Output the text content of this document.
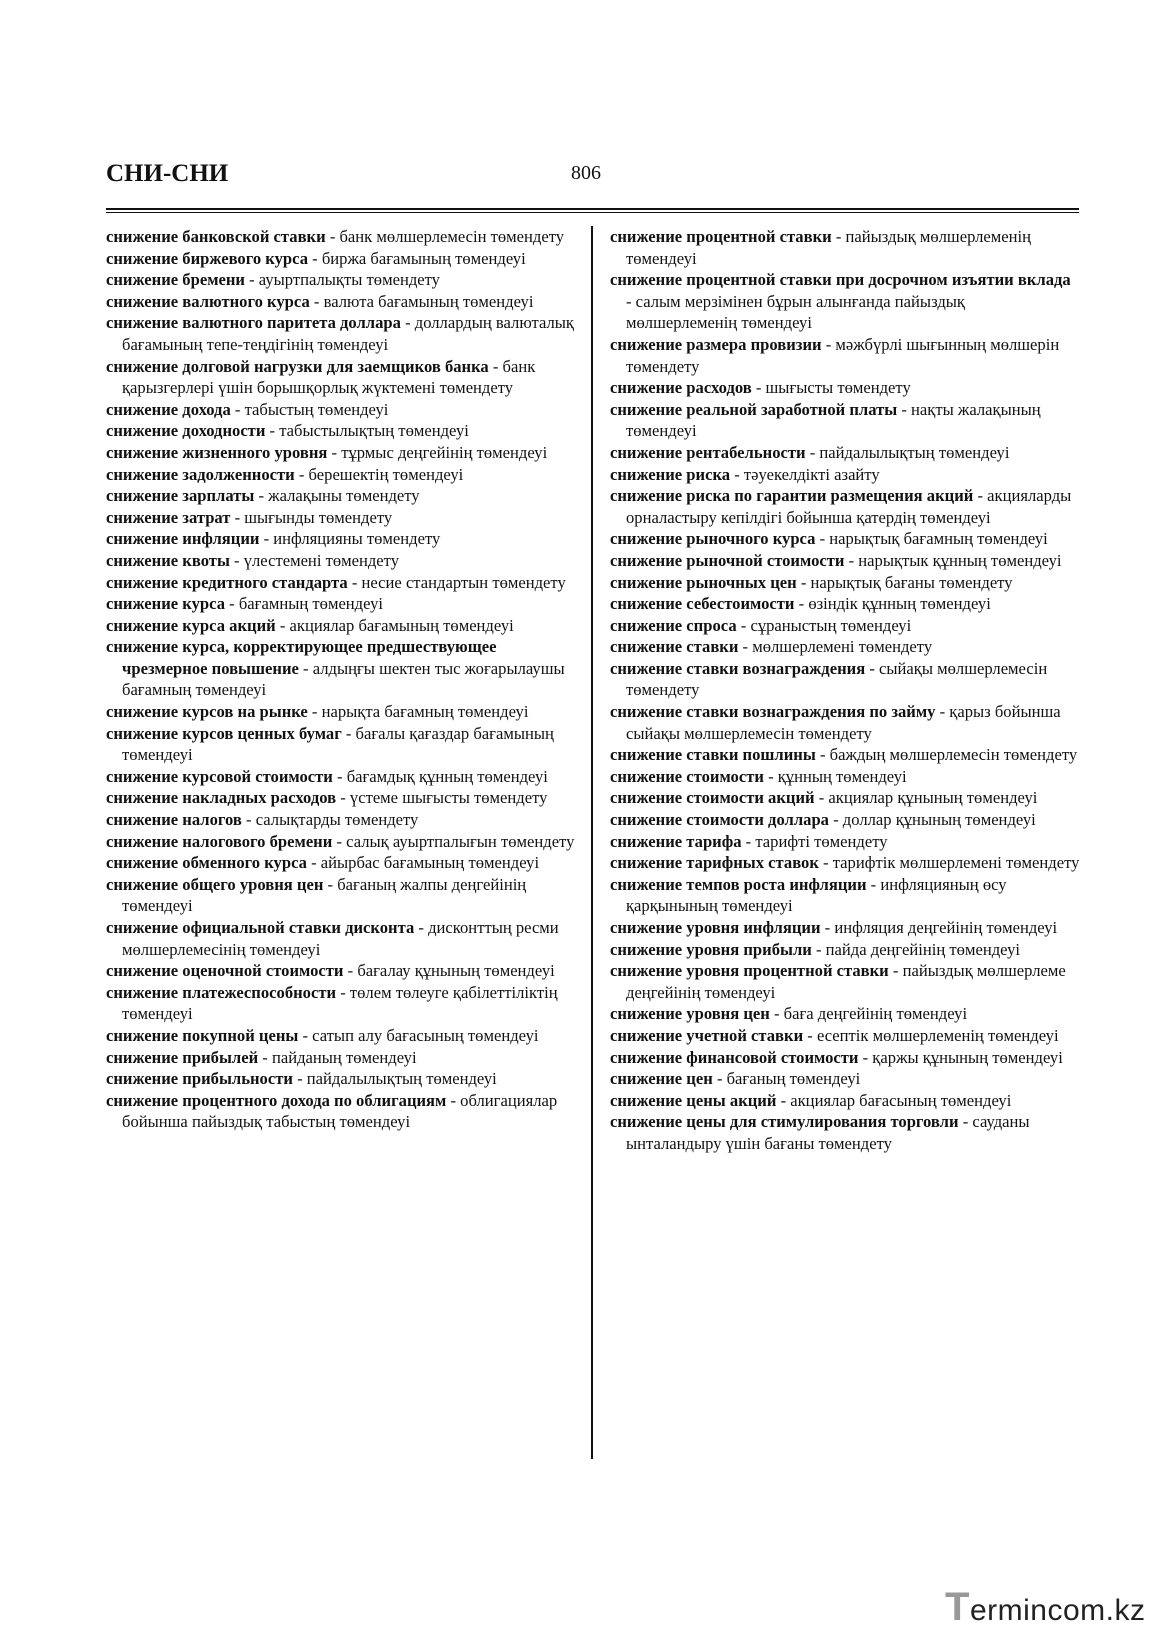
СНИ-СНИ	806

снижение банковской ставки - банк мөлшерлемесін төмендету

снижение биржевого курса - биржа бағамының төмендеуі

снижение бремени - ауыртпалықты төмендету

снижение валютного курса - валюта бағамының төмендеуі

снижение валютного паритета доллара - доллардың валюталық бағамының тепе-теңдігінің төмендеуі

снижение долговой нагрузки для заемщиков банка - банк қарызгерлері үшін борышқорлық жүктемені төмендету

снижение дохода - табыстың төмендеуі

снижение доходности - табыстылықтың төмендеуі

снижение жизненного уровня - тұрмыс деңгейінің төмендеуі

снижение задолженности - берешектің төмендеуі

снижение зарплаты - жалақыны төмендету

снижение затрат - шығынды төмендету

снижение инфляции - инфляцияны төмендету

снижение квоты - үлестемені төмендету

снижение кредитного стандарта - несие стандартын төмендету

снижение курса - бағамның төмендеуі

снижение курса акций - акциялар бағамының төмендеуі

снижение курса, корректирующее предшествующее чрезмерное повышение - алдыңғы шектен тыс жоғарылаушы бағамның төмендеуі

снижение курсов на рынке - нарықта бағамның төмендеуі

снижение курсов ценных бумаг - бағалы қағаздар бағамының төмендеуі

снижение курсовой стоимости - бағамдық құнның төмендеуі

снижение накладных расходов - үстеме шығысты төмендету

снижение налогов - салықтарды төмендету

снижение налогового бремени - салық ауыртпалығын төмендету

снижение обменного курса - айырбас бағамының төмендеуі

снижение общего уровня цен - бағаның жалпы деңгейінің төмендеуі

снижение официальной ставки дисконта - дисконттың ресми мөлшерлемесінің төмендеуі

снижение оценочной стоимости - бағалау құнының төмендеуі

снижение платежеспособности - төлем төлеуге қабілеттіліктің төмендеуі

снижение покупной цены - сатып алу бағасының төмендеуі

снижение прибылей - пайданың төмендеуі

снижение прибыльности - пайдалылықтың төмендеуі

снижение процентного дохода по облигациям - облигациялар бойынша пайыздық табыстың төмендеуі

снижение процентной ставки - пайыздық мөлшерлеменің төмендеуі

снижение процентной ставки при досрочном изъятии вклада - салым мерзімінен бұрын алынғанда пайыздық мөлшерлеменің төмендеуі

снижение размера провизии - мәжбүрлі шығынның мөлшерін төмендету

снижение расходов - шығысты төмендету

снижение реальной заработной платы - нақты жалақының төмендеуі

снижение рентабельности - пайдалылықтың төмендеуі

снижение риска - тәуекелдікті азайту

снижение риска по гарантии размещения акций - акцияларды орналастыру кепілдігі бойынша қатердің төмендеуі

снижение рыночного курса - нарықтық бағамның төмендеуі

снижение рыночной стоимости - нарықтык құнның төмендеуі

снижение рыночных цен - нарықтық бағаны төмендету

снижение себестоимости - өзіндік құнның төмендеуі

снижение спроса - сұраныстың төмендеуі

снижение ставки - мөлшерлемені төмендету

снижение ставки вознаграждения - сыйақы мөлшерлемесін төмендету

снижение ставки вознаграждения по займу - қарыз бойынша сыйақы мөлшерлемесін төмендету

снижение ставки пошлины - баждың мөлшерлемесін төмендету

снижение стоимости - құнның төмендеуі

снижение стоимости акций - акциялар құнының төмендеуі

снижение стоимости доллара - доллар құнының төмендеуі

снижение тарифа - тарифті төмендету

снижение тарифных ставок - тарифтік мөлшерлемені төмендету

снижение темпов роста инфляции - инфляцияның өсу қарқынының төмендеуі

снижение уровня инфляции - инфляция деңгейінің төмендеуі

снижение уровня прибыли - пайда деңгейінің төмендеуі

снижение уровня процентной ставки - пайыздық мөлшерлеме деңгейінің төмендеуі

снижение уровня цен - баға деңгейінің төмендеуі

снижение учетной ставки - есептік мөлшерлеменің төмендеуі

снижение финансовой стоимости - қаржы құнының төмендеуі

снижение цен - бағаның төмендеуі

снижение цены акций - акциялар бағасының төмендеуі

снижение цены для стимулирования торговли - сауданы ынталандыру үшін бағаны төмендету

Termincom.kz
